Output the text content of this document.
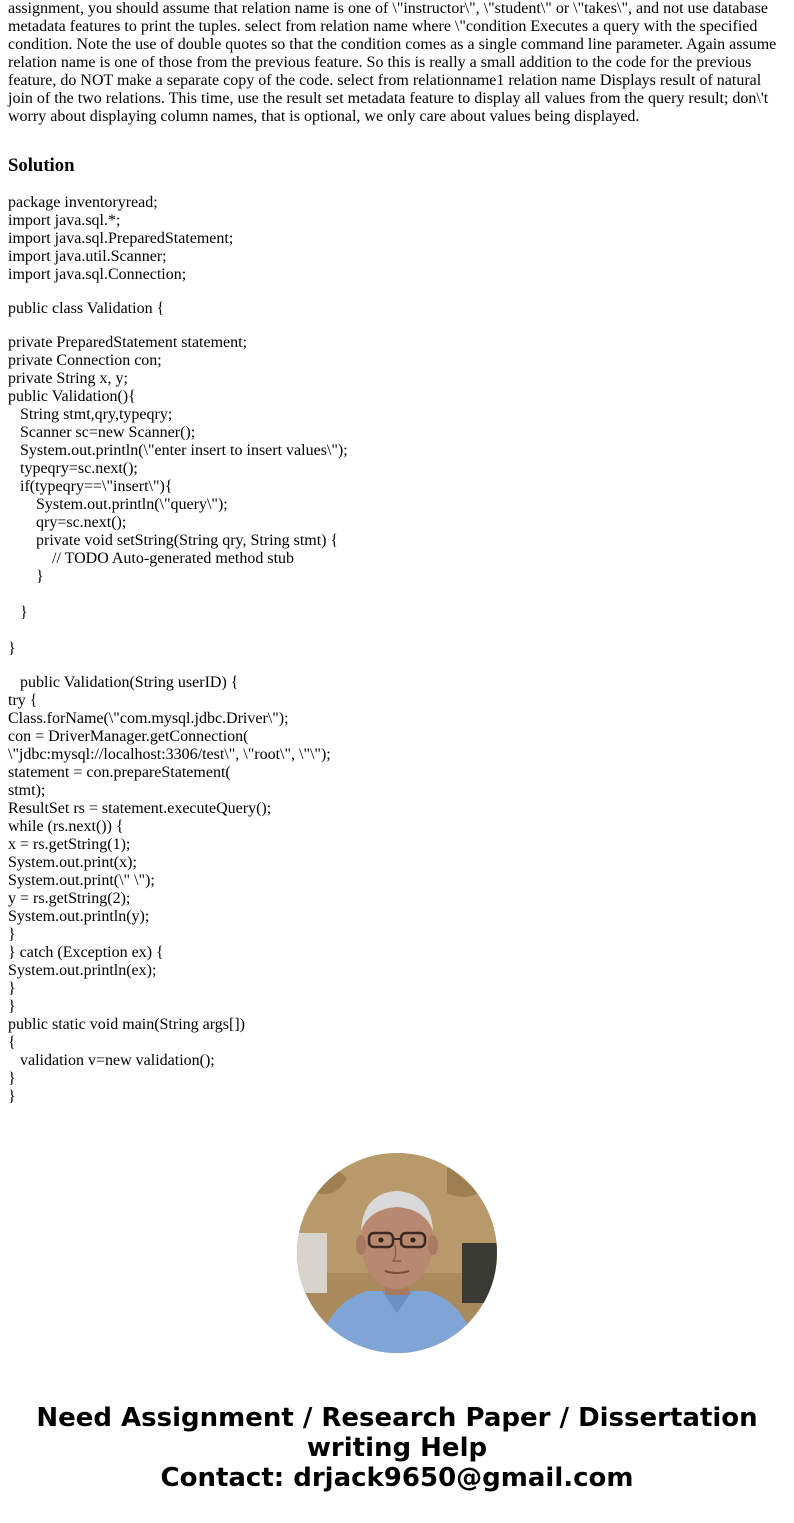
assignment, you should assume that relation name is one of \"instructor\", \"student\" or \"takes\", and not use database
metadata features to print the tuples. select from relation name where \"condition Executes a query with the specified
condition. Note the use of double quotes so that the condition comes as a single command line parameter. Again assume
relation name is one of those from the previous feature. So this is really a small addition to the code for the previous
feature, do NOT make a separate copy of the code. select from relationname1 relation name Displays result of natural
join of the two relations. This time, use the result set metadata feature to display all values from the query result; don\'t
worry about displaying column names, that is optional, we only care about values being displayed.
Solution
package inventoryread;
import java.sql.*;
import java.sql.PreparedStatement;
import java.util.Scanner;
import java.sql.Connection;
public class Validation {
private PreparedStatement statement;
private Connection con;
private String x, y;
public Validation(){
String stmt,qry,typeqry;
Scanner sc=new Scanner();
System.out.println(\"enter insert to insert values\");
typeqry=sc.next();
if(typeqry==\"insert\"){
System.out.println(\"query\");
qry=sc.next();
private void setString(String qry, String stmt) {
// TODO Auto-generated method stub
}

}

}
public Validation(String userID) {
try {
Class.forName(\"com.mysql.jdbc.Driver\");
con = DriverManager.getConnection(
\"jdbc:mysql://localhost:3306/test\", \"root\", \"\");
statement = con.prepareStatement(
stmt);
ResultSet rs = statement.executeQuery();
while (rs.next()) {
x = rs.getString(1);
System.out.print(x);
System.out.print(\" \");
y = rs.getString(2);
System.out.println(y);
}
} catch (Exception ex) {
System.out.println(ex);
}
}
public static void main(String args[])
{
validation v=new validation();
}
}
Need Assignment / Research Paper / Dissertation
writing Help
Contact: drjack9650@gmail.com
